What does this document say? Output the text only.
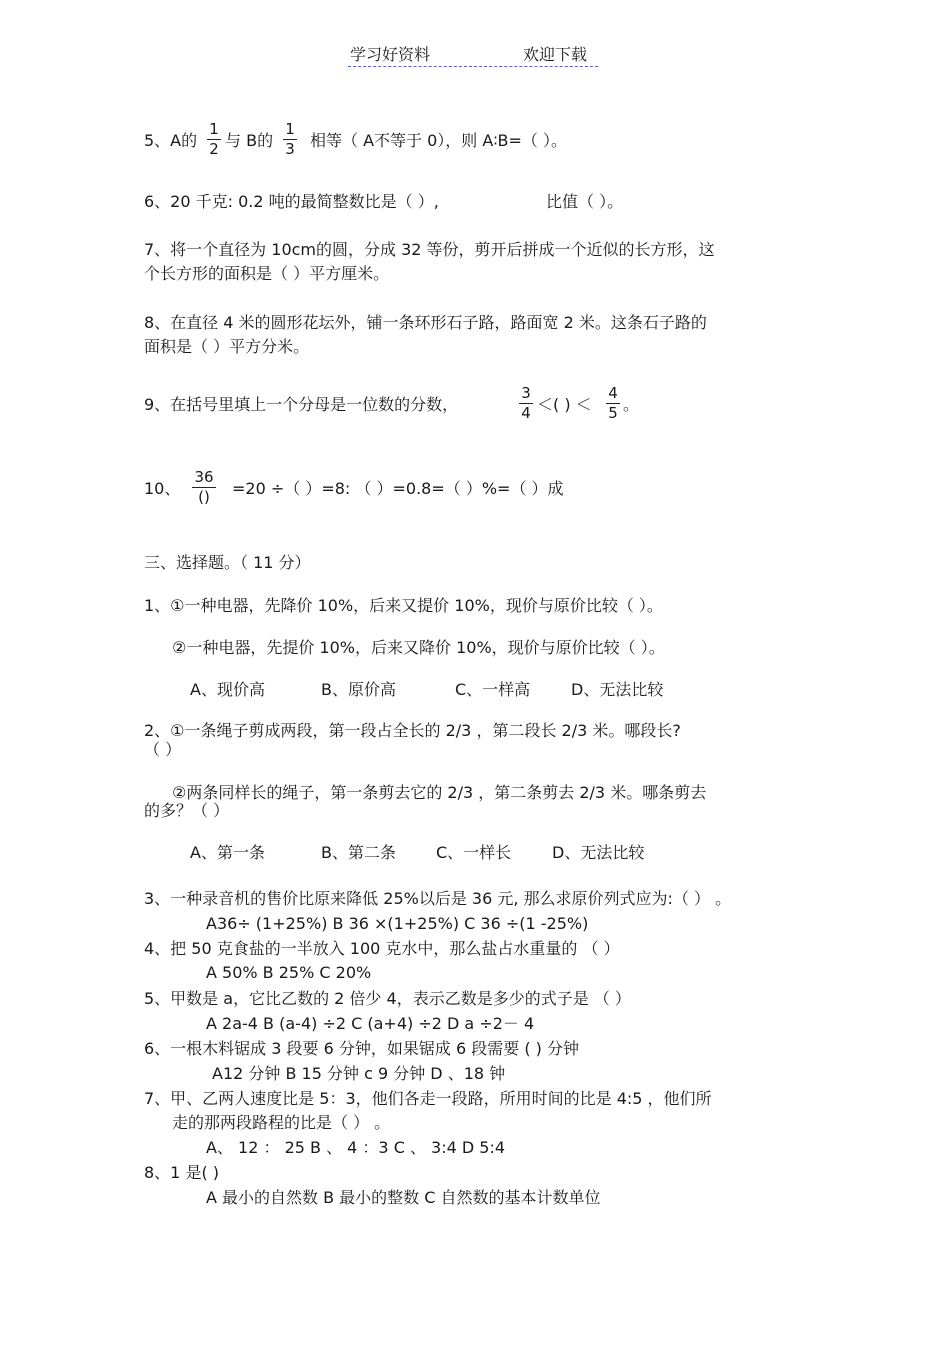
学习好资料	欢迎下载
5、A的
1
2 与 B的
1
3 相等（ A不等于 0），则 A∶B=（ ）。
6、20 千克: 0.2 吨的最简整数比是（ ）,	比值（ ）。
7、将一个直径为 10cm的圆，分成 32 等份，剪开后拼成一个近似的长方形，这
个长方形的面积是（ ）平方厘米。
8、在直径 4 米的圆形花坛外，铺一条环形石子路，路面宽 2 米。这条石子路的
面积是（ ）平方分米。
9、在括号里填上一个分母是一位数的分数，
3
4 ＜( ) ＜
4
5 。
10、
36
()	=20 ÷（ ）=8: （ ）=0.8=（ ）%=（ ）成
三、选择题。（ 11 分）
1、①一种电器，先降价 10%，后来又提价 10%，现价与原价比较（ ）。
②一种电器，先提价 10%，后来又降价 10%，现价与原价比较（ ）。
A、现价高	B、原价高	C、一样高	D、无法比较
2、①一条绳子剪成两段，第一段占全长的 2/3 ，第二段长 2/3 米。哪段长?
（ ）
②两条同样长的绳子，第一条剪去它的 2/3 ，第二条剪去 2/3 米。哪条剪去
的多？（ ）
A、第一条	B、第二条	C、一样长	D、无法比较
3、一种录音机的售价比原来降低 25%以后是 36 元, 那么求原价列式应为:（ ） 。
A36÷ (1+25%) B 36 ×(1+25%) C 36 ÷(1 -25%)
4、把 50 克食盐的一半放入 100 克水中，那么盐占水重量的 （ ）
A 50% B 25% C 20%
5、甲数是 a，它比乙数的 2 倍少 4，表示乙数是多少的式子是 （ ）
A 2a-4 B (a-4) ÷2 C (a+4) ÷2 D a ÷2－ 4
6、一根木料锯成 3 段要 6 分钟，如果锯成 6 段需要 ( ) 分钟
A12 分钟 B 15 分钟 c 9 分钟 D 、18 钟
7、甲、乙两人速度比是 5：3，他们各走一段路，所用时间的比是 4:5 ，他们所
走的那两段路程的比是（ ） 。
A、 12 ： 25 B 、 4 ：3 C 、 3:4 D 5:4
8、1 是( )
A 最小的自然数 B 最小的整数 C 自然数的基本计数单位
